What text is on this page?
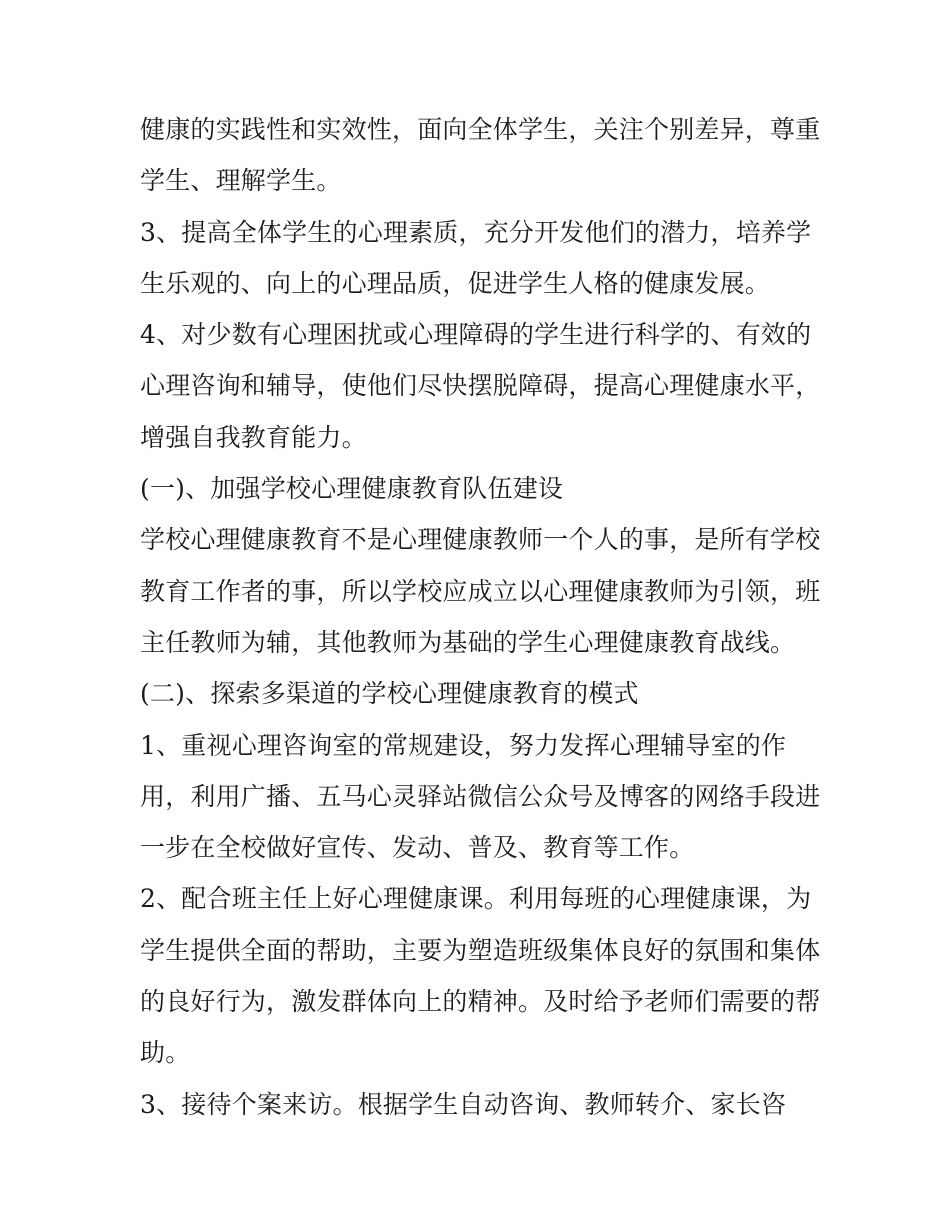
健康的实践性和实效性，面向全体学生，关注个别差异，尊重
学生、理解学生。
3、提高全体学生的心理素质，充分开发他们的潜力，培养学
生乐观的、向上的心理品质，促进学生人格的健康发展。
4、对少数有心理困扰或心理障碍的学生进行科学的、有效的
心理咨询和辅导，使他们尽快摆脱障碍，提高心理健康水平，
增强自我教育能力。
(一)、加强学校心理健康教育队伍建设
学校心理健康教育不是心理健康教师一个人的事，是所有学校
教育工作者的事，所以学校应成立以心理健康教师为引领，班
主任教师为辅，其他教师为基础的学生心理健康教育战线。
(二)、探索多渠道的学校心理健康教育的模式
1、重视心理咨询室的常规建设，努力发挥心理辅导室的作
用，利用广播、五马心灵驿站微信公众号及博客的网络手段进
一步在全校做好宣传、发动、普及、教育等工作。
2、配合班主任上好心理健康课。利用每班的心理健康课，为
学生提供全面的帮助，主要为塑造班级集体良好的氛围和集体
的良好行为，激发群体向上的精神。及时给予老师们需要的帮
助。
3、接待个案来访。根据学生自动咨询、教师转介、家长咨
